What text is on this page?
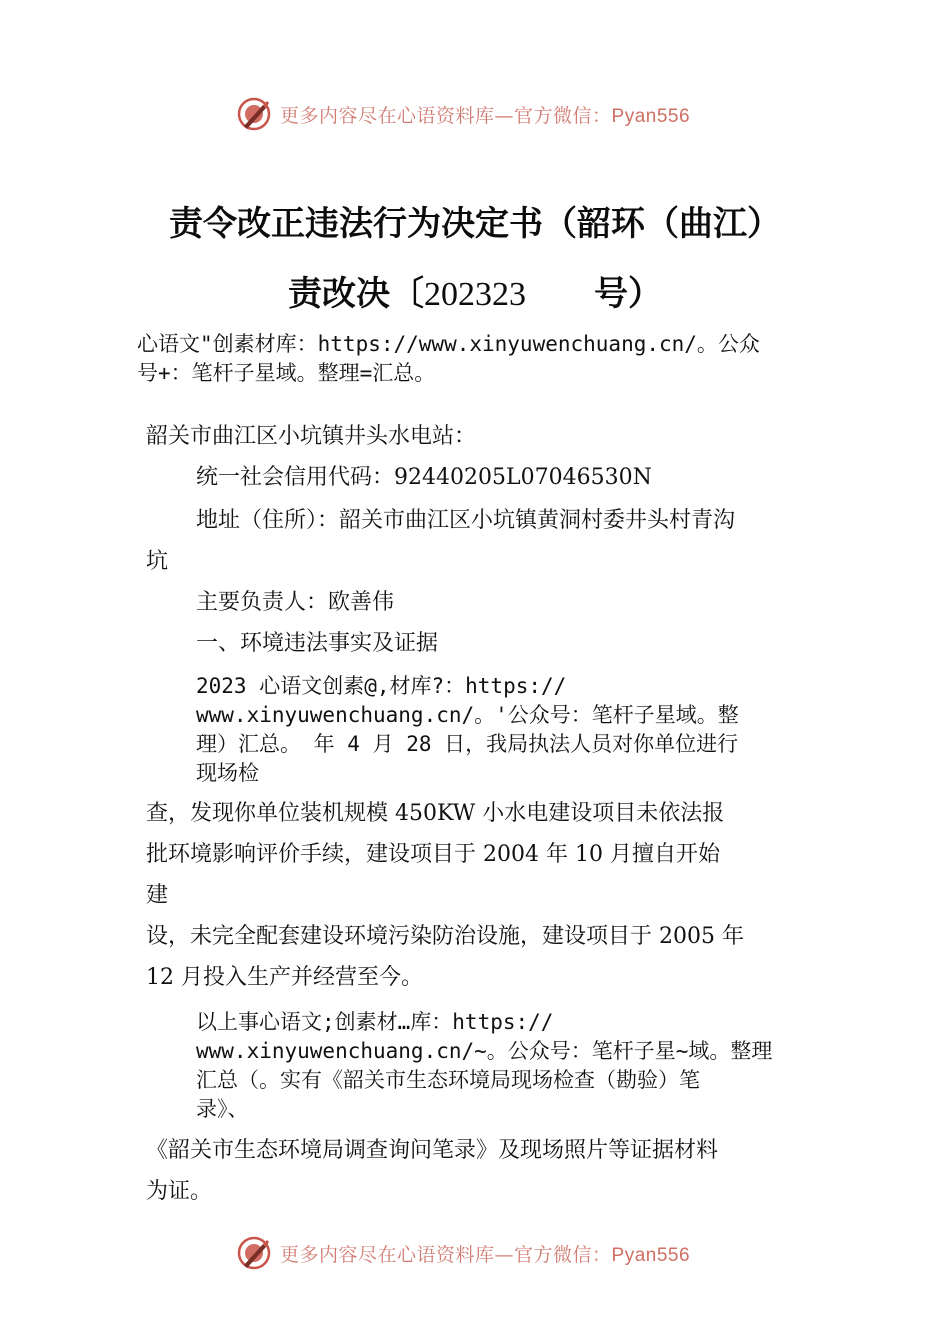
更多内容尽在心语资料库—官方微信：Pyan556
责令改正违法行为决定书（韶环（曲江）
责改决〔202323　　 号）
心语文"创素材库：https://www.xinyuwenchuang.cn/。公众
号+：笔杆子星域。整理=汇总。
韶关市曲江区小坑镇井头水电站：
统一社会信用代码：92440205L07046530N
地址（住所）：韶关市曲江区小坑镇黄洞村委井头村青沟
坑
主要负责人：欧善伟
一、环境违法事实及证据
2023 心语文创素@,材库?：https://
www.xinyuwenchuang.cn/。'公众号：笔杆子星域。整
理）汇总。 年 4 月 28 日，我局执法人员对你单位进行
现场检
查，发现你单位装机规模 450KW 小水电建设项目未依法报
批环境影响评价手续，建设项目于 2004 年 10 月擅自开始
建
设，未完全配套建设环境污染防治设施，建设项目于 2005 年
12 月投入生产并经营至今。
以上事心语文;创素材…库：https://
www.xinyuwenchuang.cn/~。公众号：笔杆子星~域。整理
汇总（。实有《韶关市生态环境局现场检查（勘验）笔
录》、
《韶关市生态环境局调查询问笔录》及现场照片等证据材料
为证。
更多内容尽在心语资料库—官方微信：Pyan556
